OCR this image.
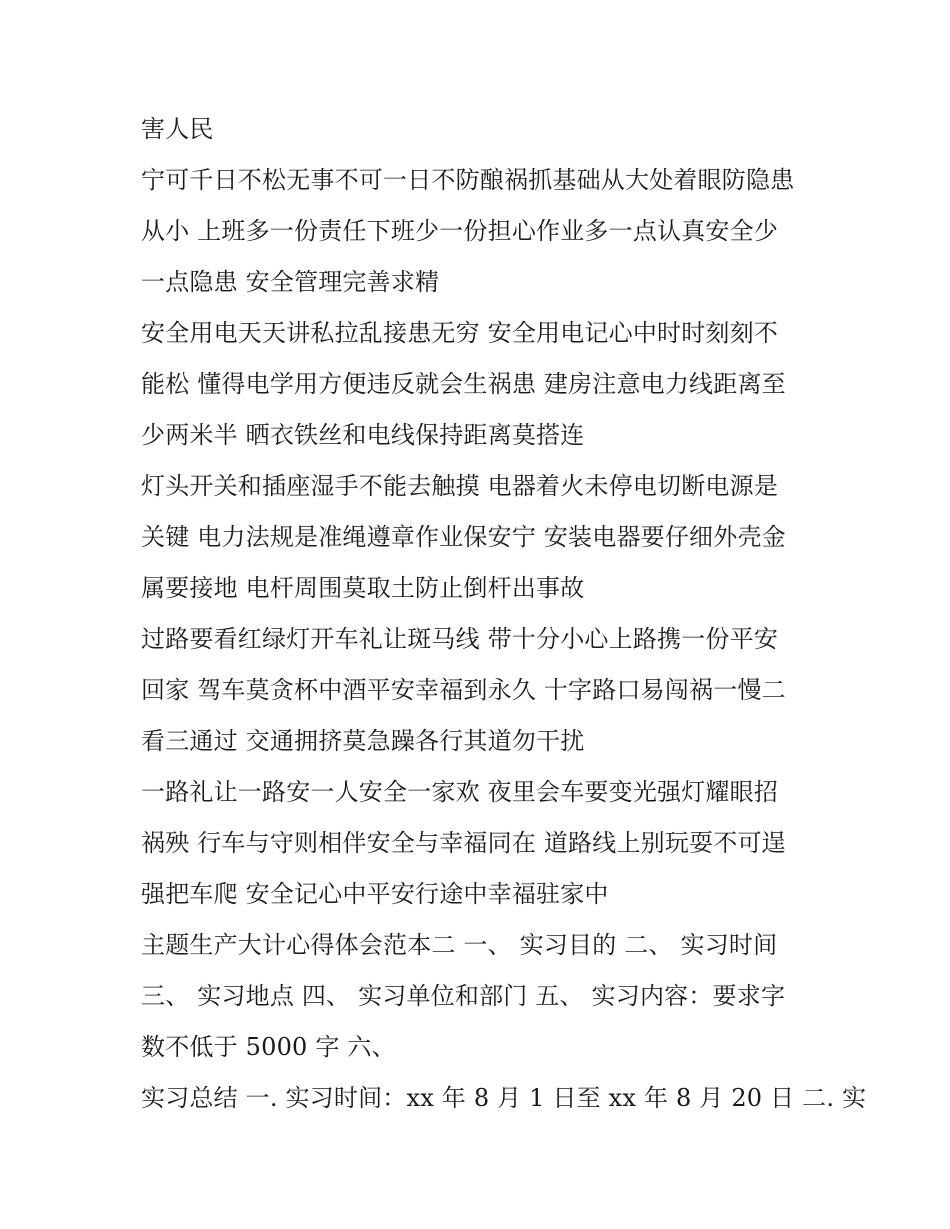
害人民
宁可千日不松无事不可一日不防酿祸抓基础从大处着眼防隐患
从小 上班多一份责任下班少一份担心作业多一点认真安全少
一点隐患 安全管理完善求精
安全用电天天讲私拉乱接患无穷 安全用电记心中时时刻刻不
能松 懂得电学用方便违反就会生祸患 建房注意电力线距离至
少两米半 晒衣铁丝和电线保持距离莫搭连
灯头开关和插座湿手不能去触摸 电器着火未停电切断电源是
关键 电力法规是准绳遵章作业保安宁 安装电器要仔细外壳金
属要接地 电杆周围莫取土防止倒杆出事故
过路要看红绿灯开车礼让斑马线 带十分小心上路携一份平安
回家 驾车莫贪杯中酒平安幸福到永久 十字路口易闯祸一慢二
看三通过 交通拥挤莫急躁各行其道勿干扰
一路礼让一路安一人安全一家欢 夜里会车要变光强灯耀眼招
祸殃 行车与守则相伴安全与幸福同在 道路线上别玩耍不可逞
强把车爬 安全记心中平安行途中幸福驻家中
主题生产大计心得体会范本二 一、 实习目的 二、 实习时间
三、 实习地点 四、 实习单位和部门 五、 实习内容：要求字
数不低于 5000 字 六、
实习总结 一. 实习时间：xx 年 8 月 1 日至 xx 年 8 月 20 日 二. 实
